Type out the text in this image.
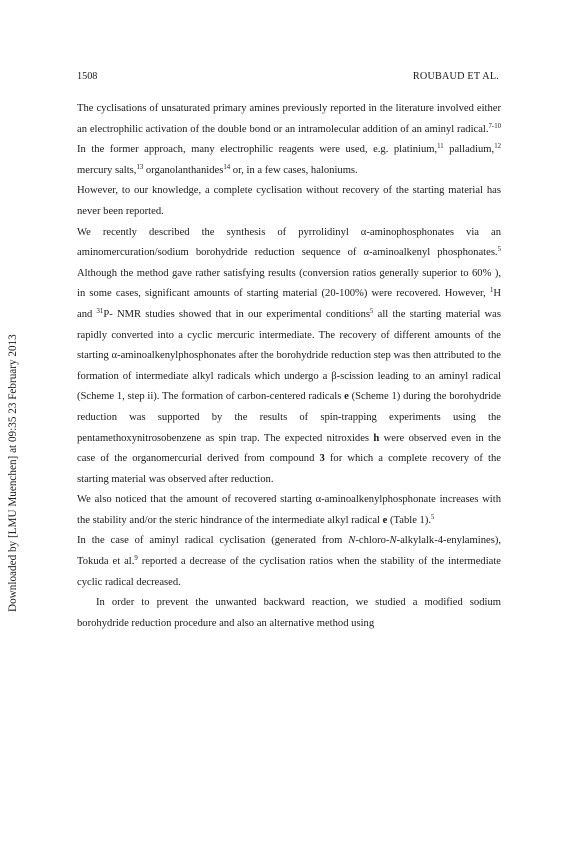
Downloaded by [LMU Muenchen] at 09:35 23 February 2013
1508	ROUBAUD ET AL.

The cyclisations of unsaturated primary amines previously reported in the literature involved either an electrophilic activation of the double bond or an intramolecular addition of an aminyl radical.$^{7-10}$ In the former approach, many electrophilic reagents were used, e.g. platinium,$^{11}$ palladium,$^{12}$ mercury salts,$^{13}$ organolanthanides$^{14}$ or, in a few cases, haloniums.

However, to our knowledge, a complete cyclisation without recovery of the starting material has never been reported.

We recently described the synthesis of pyrrolidinyl α-aminophosphonates via an aminomercuration/sodium borohydride reduction sequence of α-aminoalkenyl phosphonates.$^5$ Although the method gave rather satisfying results (conversion ratios generally superior to 60% ), in some cases, significant amounts of starting material (20-100%) were recovered. However, $^1$H and $^{31}$P- NMR studies showed that in our experimental conditions$^5$ all the starting material was rapidly converted into a cyclic mercuric intermediate. The recovery of different amounts of the starting α-aminoalkenylphosphonates after the borohydride reduction step was then attributed to the formation of intermediate alkyl radicals which undergo a β-scission leading to an aminyl radical (Scheme 1, step ii). The formation of carbon-centered radicals e (Scheme 1) during the borohydride reduction was supported by the results of spin-trapping experiments using the pentamethoxynitrosobenzene as spin trap. The expected nitroxides h were observed even in the case of the organomercurial derived from compound 3 for which a complete recovery of the starting material was observed after reduction.

We also noticed that the amount of recovered starting α-aminoalkenylphosphonate increases with the stability and/or the steric hindrance of the intermediate alkyl radical e (Table 1).$^5$

In the case of aminyl radical cyclisation (generated from N-chloro-N-alkylalk-4-enylamines), Tokuda et al.$^9$ reported a decrease of the cyclisation ratios when the stability of the intermediate cyclic radical decreased.

In order to prevent the unwanted backward reaction, we studied a modified sodium borohydride reduction procedure and also an alternative method using
